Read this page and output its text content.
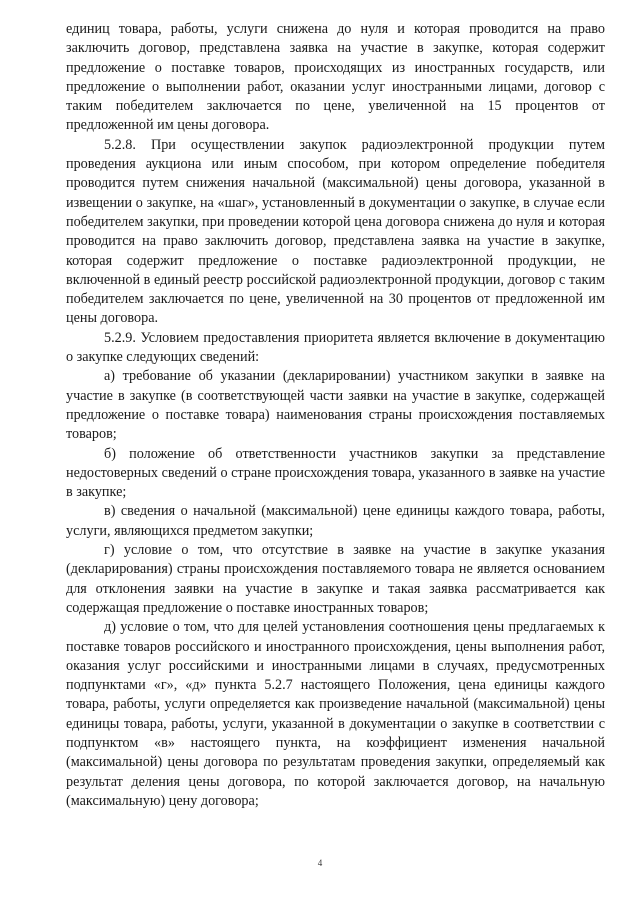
единиц товара, работы, услуги снижена до нуля и которая проводится на право заключить договор, представлена заявка на участие в закупке, которая содержит предложение о поставке товаров, происходящих из иностранных государств, или предложение о выполнении работ, оказании услуг иностранными лицами, договор с таким победителем заключается по цене, увеличенной на 15 процентов от предложенной им цены договора.

5.2.8. При осуществлении закупок радиоэлектронной продукции путем проведения аукциона или иным способом, при котором определение победителя проводится путем снижения начальной (максимальной) цены договора, указанной в извещении о закупке, на «шаг», установленный в документации о закупке, в случае если победителем закупки, при проведении которой цена договора снижена до нуля и которая проводится на право заключить договор, представлена заявка на участие в закупке, которая содержит предложение о поставке радиоэлектронной продукции, не включенной в единый реестр российской радиоэлектронной продукции, договор с таким победителем заключается по цене, увеличенной на 30 процентов от предложенной им цены договора.

5.2.9. Условием предоставления приоритета является включение в документацию о закупке следующих сведений:

а) требование об указании (декларировании) участником закупки в заявке на участие в закупке (в соответствующей части заявки на участие в закупке, содержащей предложение о поставке товара) наименования страны происхождения поставляемых товаров;

б) положение об ответственности участников закупки за представление недостоверных сведений о стране происхождения товара, указанного в заявке на участие в закупке;

в) сведения о начальной (максимальной) цене единицы каждого товара, работы, услуги, являющихся предметом закупки;

г) условие о том, что отсутствие в заявке на участие в закупке указания (декларирования) страны происхождения поставляемого товара не является основанием для отклонения заявки на участие в закупке и такая заявка рассматривается как содержащая предложение о поставке иностранных товаров;

д) условие о том, что для целей установления соотношения цены предлагаемых к поставке товаров российского и иностранного происхождения, цены выполнения работ, оказания услуг российскими и иностранными лицами в случаях, предусмотренных подпунктами «г», «д» пункта 5.2.7 настоящего Положения, цена единицы каждого товара, работы, услуги определяется как произведение начальной (максимальной) цены единицы товара, работы, услуги, указанной в документации о закупке в соответствии с подпунктом «в» настоящего пункта, на коэффициент изменения начальной (максимальной) цены договора по результатам проведения закупки, определяемый как результат деления цены договора, по которой заключается договор, на начальную (максимальную) цену договора;

4
